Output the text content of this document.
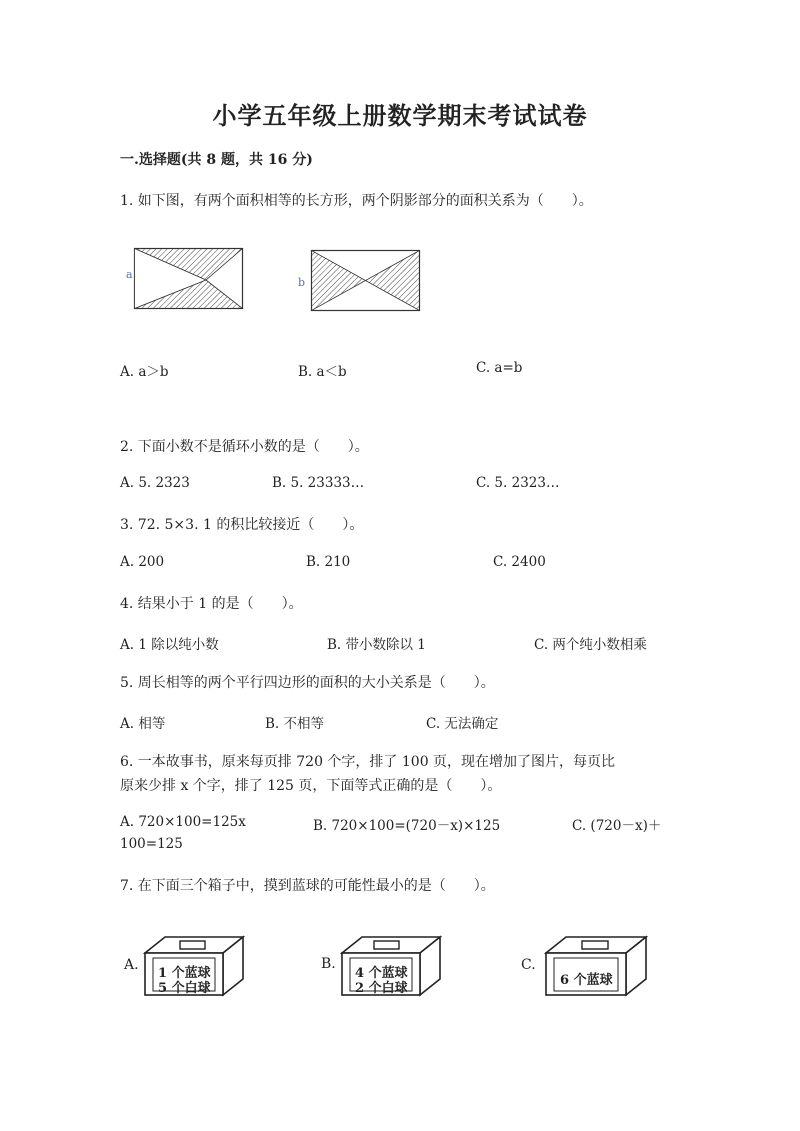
小学五年级上册数学期末考试试卷
一.选择题(共 8 题，共 16 分)
1. 如下图，有两个面积相等的长方形，两个阴影部分的面积关系为（　　）。
a
b
A. a＞b	B. a＜b	C. a=b
2. 下面小数不是循环小数的是（　　）。
A. 5. 2323	B. 5. 23333…	C. 5. 2323…
3. 72. 5×3. 1 的积比较接近（　　）。
A. 200	B. 210	C. 2400
4. 结果小于 1 的是（　　）。
A. 1 除以纯小数	B. 带小数除以 1	C. 两个纯小数相乘
5. 周长相等的两个平行四边形的面积的大小关系是（　　）。
A. 相等	B. 不相等	C. 无法确定
6. 一本故事书，原来每页排 720 个字，排了 100 页，现在增加了图片，每页比
原来少排 x 个字，排了 125 页，下面等式正确的是（　　）。
A. 720×100=125x	B. 720×100=(720－x)×125	C. (720－x)＋
100=125
7. 在下面三个箱子中，摸到蓝球的可能性最小的是（　　）。
A.
1 个蓝球
5 个白球
B.
4 个蓝球
2 个白球
C.
6 个蓝球
